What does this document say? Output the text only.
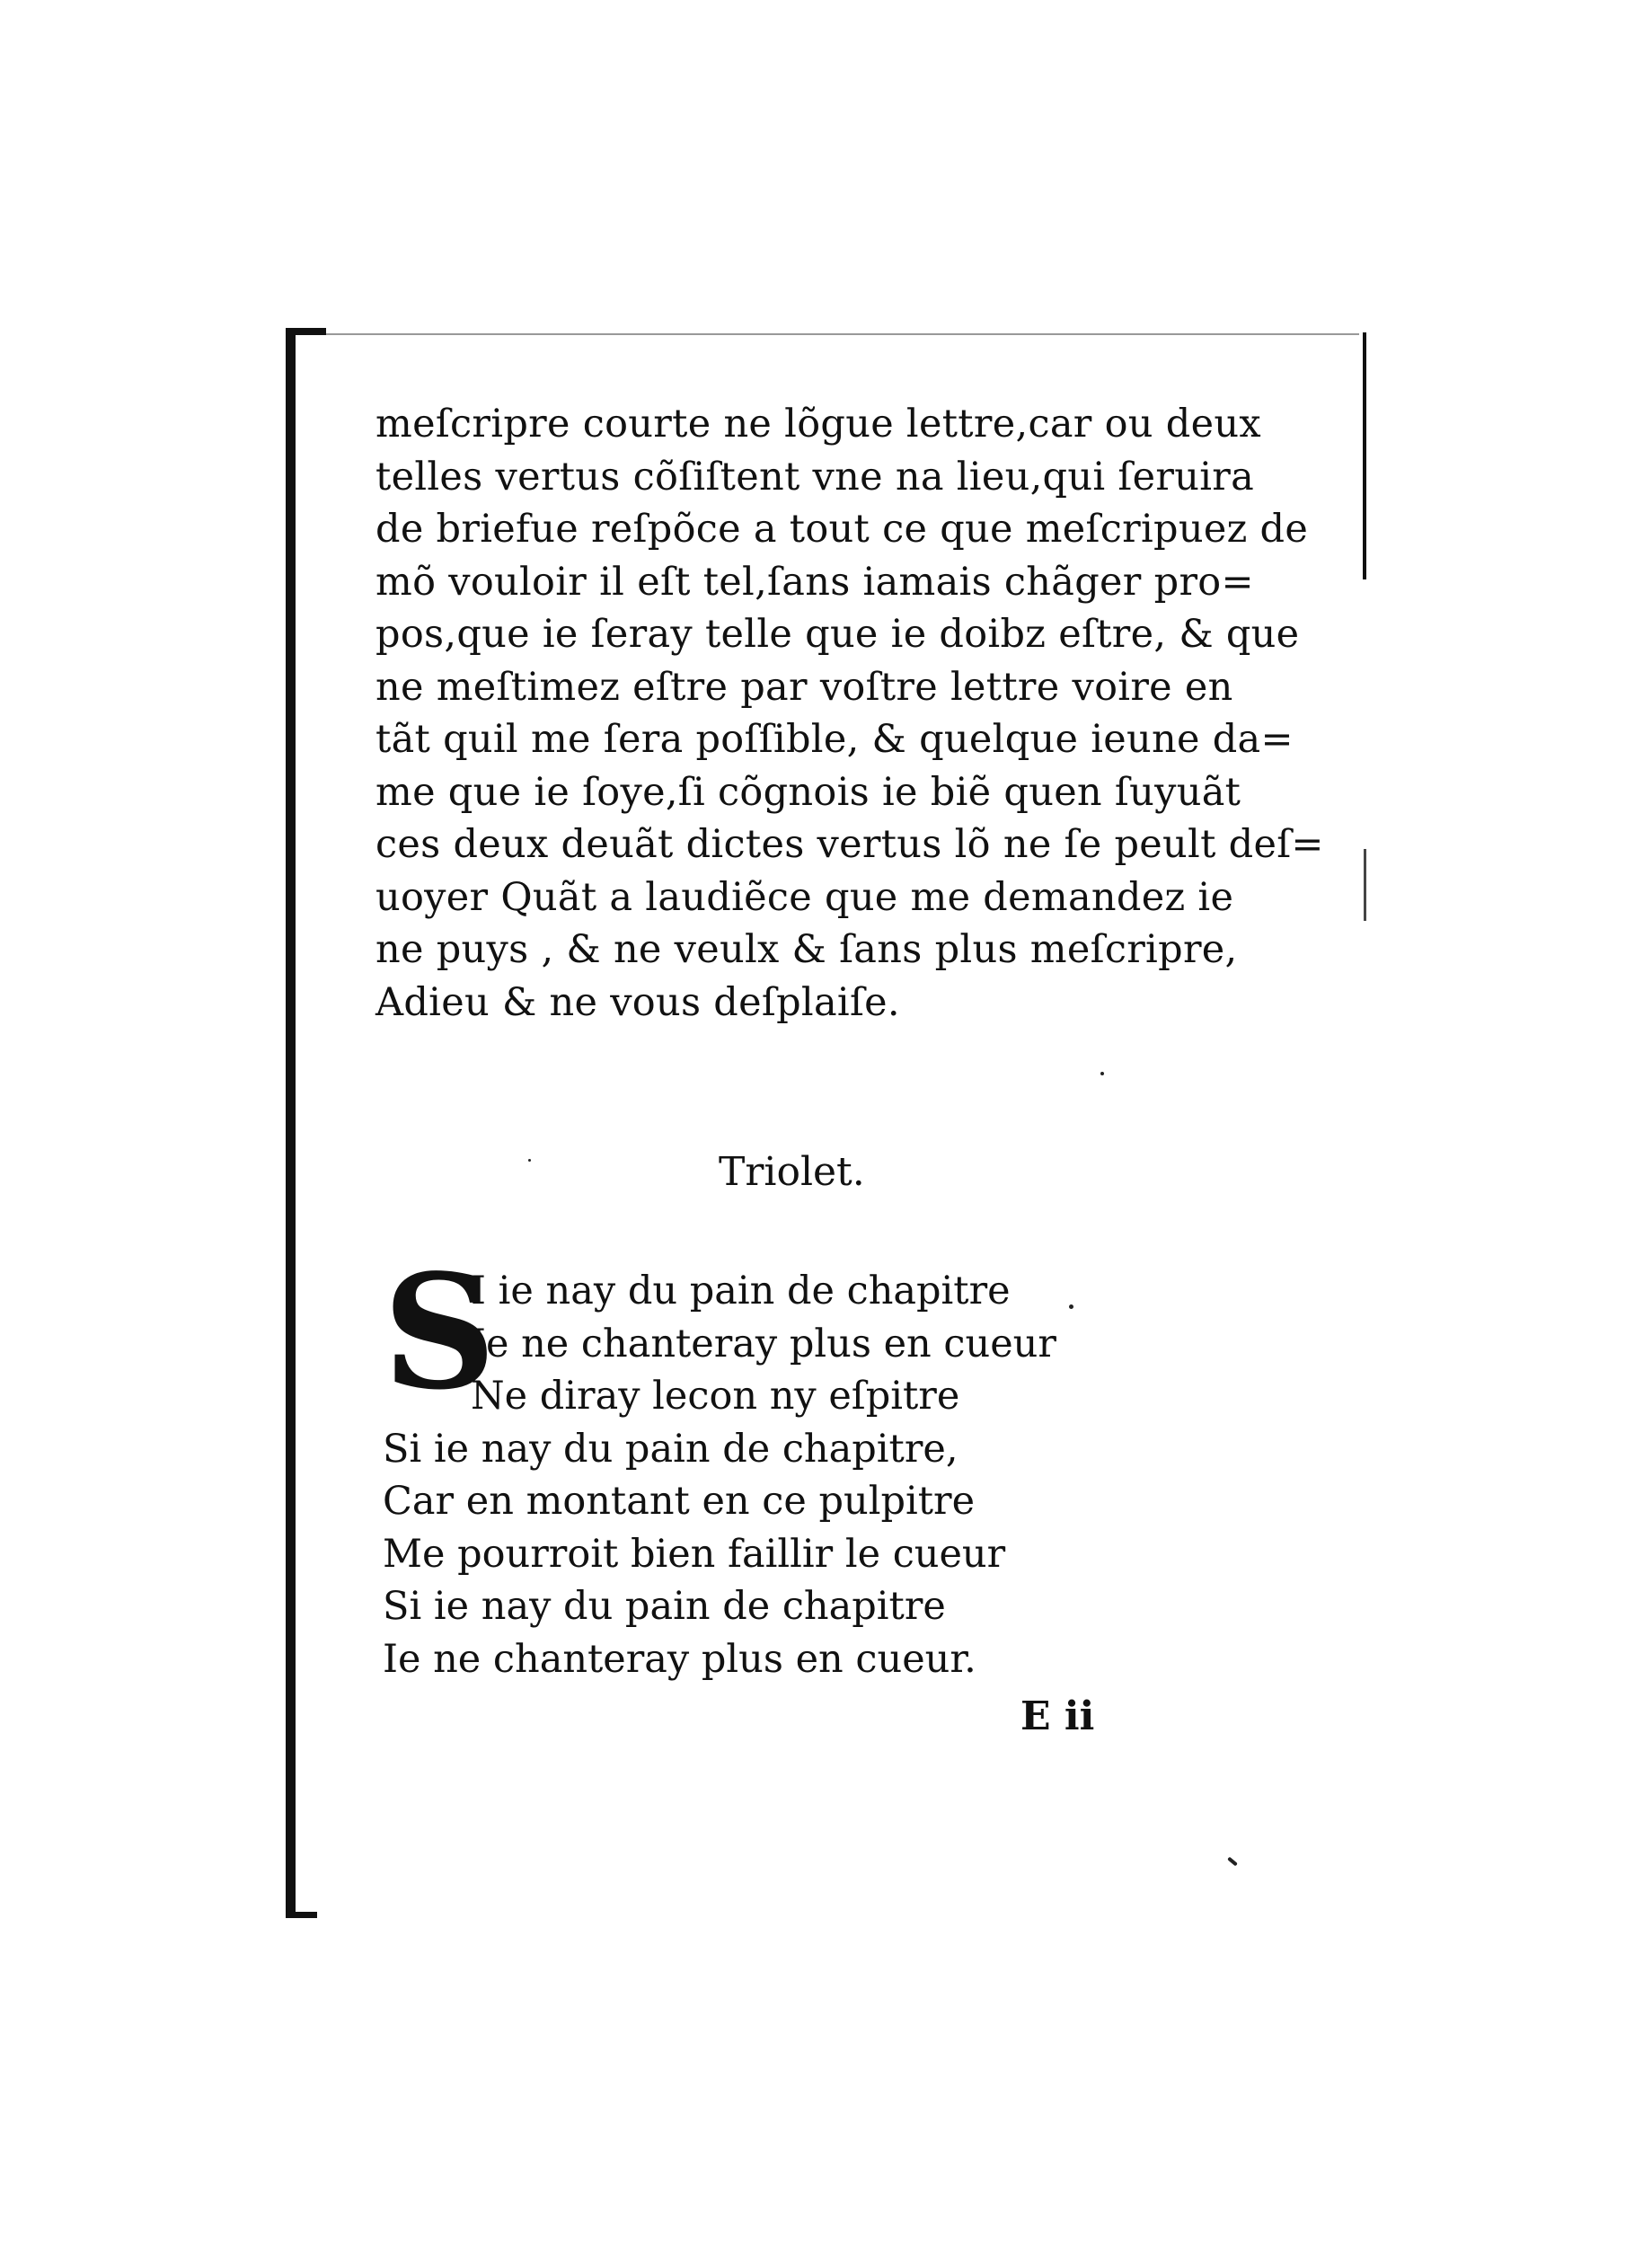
meſcripre courte ne lõgue lettre,car ou deux
telles vertus cõſiſtent vne na lieu,qui ſeruira
de briefue reſpõce a tout ce que meſcripuez de
mõ vouloir il eſt tel,ſans iamais chãger pro=
pos,que ie ſeray telle que ie doibz eſtre, & que
ne meſtimez eſtre par voſtre lettre voire en
tãt quil me ſera poſſible, & quelque ieune da=
me que ie ſoye,ſi cõgnois ie biẽ quen ſuyuãt
ces deux deuãt dictes vertus lõ ne ſe peult deſ=
uoyer Quãt a laudiẽce que me demandez ie
ne puys , & ne veulx & ſans plus meſcripre,
Adieu & ne vous deſplaiſe.
Triolet.
S
I ie nay du pain de chapitre
Ie ne chanteray plus en cueur
Ne diray lecon ny eſpitre
Si ie nay du pain de chapitre,
Car en montant en ce pulpitre
Me pourroit bien faillir le cueur
Si ie nay du pain de chapitre
Ie ne chanteray plus en cueur.
E ii
